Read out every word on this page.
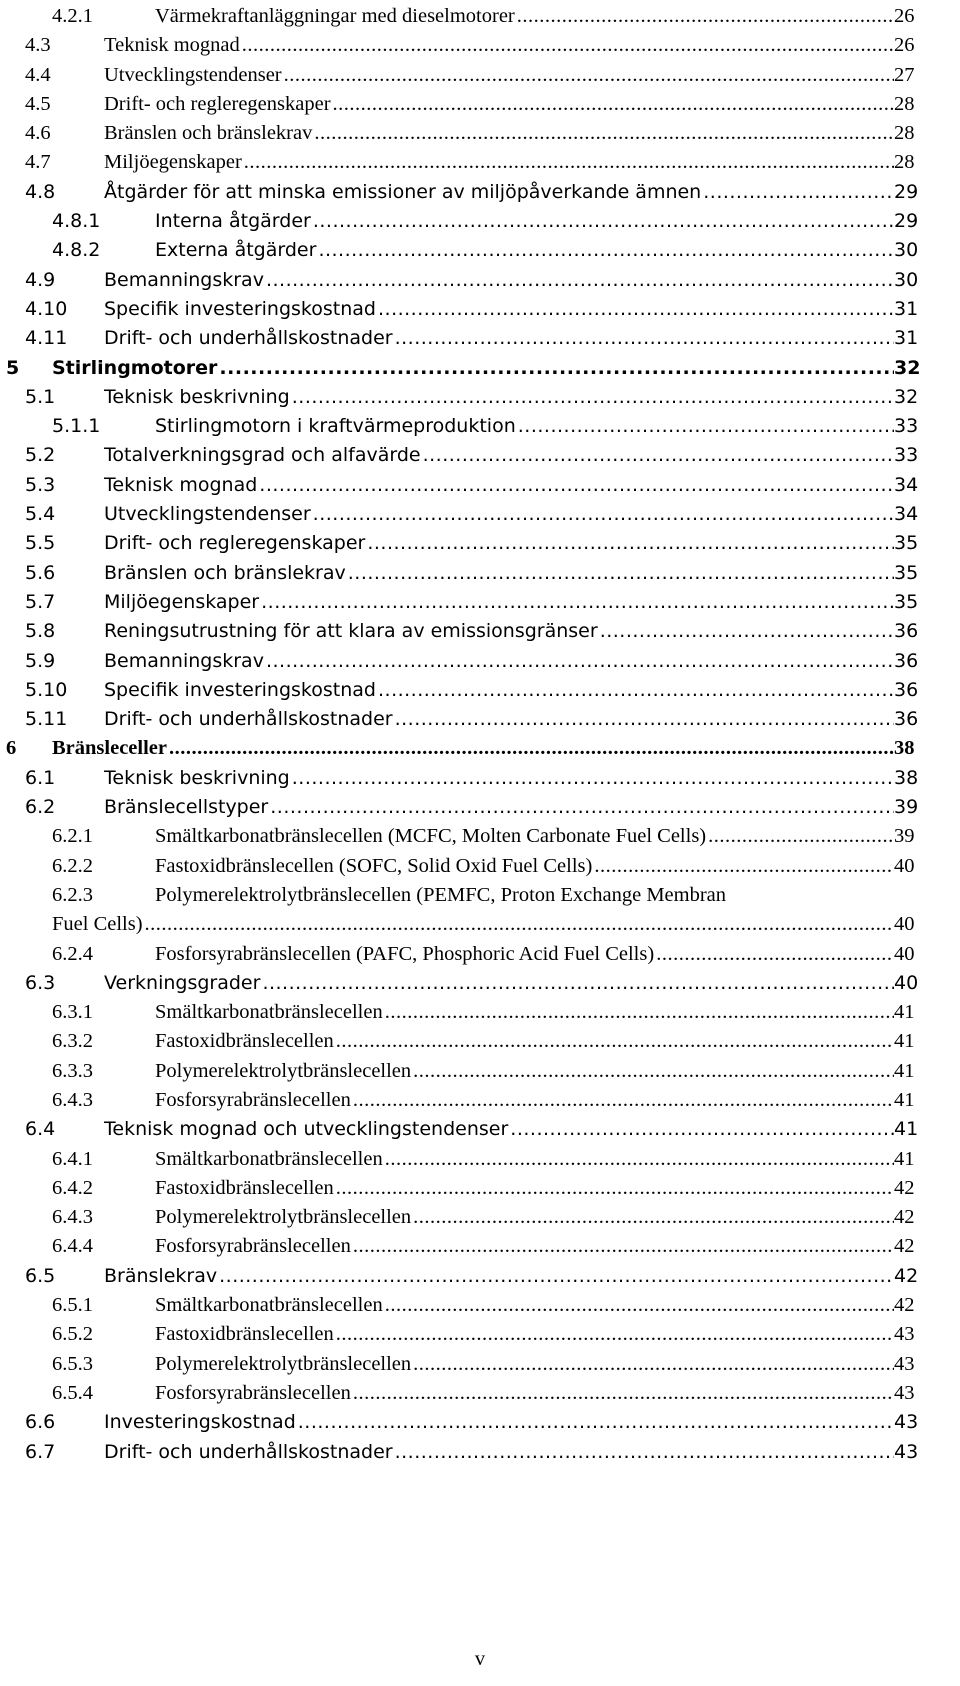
4.2.1	Värmekraftanläggningar med dieselmotorer .....	26
4.3	Teknisk mognad .....	26
4.4	Utvecklingstendenser .....	27
4.5	Drift- och regleregenskaper .....	28
4.6	Bränslen och bränslekrav .....	28
4.7	Miljöegenskaper .....	28
4.8	Åtgärder för att minska emissioner av miljöpåverkande ämnen .....	29
4.8.1	Interna åtgärder .....	29
4.8.2	Externa åtgärder .....	30
4.9	Bemanningskrav .....	30
4.10 Specifik investeringskostnad .....	31
4.11 Drift- och underhållskostnader .....	31
5 Stirlingmotorer .....	32
5.1	Teknisk beskrivning .....	32
5.1.1	Stirlingmotorn i kraftvärmeproduktion .....	33
5.2	Totalverkningsgrad och alfavärde .....	33
5.3	Teknisk mognad .....	34
5.4	Utvecklingstendenser .....	34
5.5	Drift- och regleregenskaper .....	35
5.6	Bränslen och bränslekrav .....	35
5.7	Miljöegenskaper .....	35
5.8	Reningsutrustning för att klara av emissionsgränser .....	36
5.9	Bemanningskrav .....	36
5.10 Specifik investeringskostnad .....	36
5.11 Drift- och underhållskostnader .....	36
6 Bränsleceller .....	38
6.1	Teknisk beskrivning .....	38
6.2	Bränslecellstyper .....	39
6.2.1	Smältkarbonatbränslecellen (MCFC, Molten Carbonate Fuel Cells) .....	39
6.2.2	Fastoxidbränslecellen (SOFC, Solid Oxid Fuel Cells) .....	40
6.2.3	Polymerelektrolytbränslecellen (PEMFC, Proton Exchange Membran
Fuel Cells) .....	40
6.2.4	Fosforsyrabränslecellen (PAFC, Phosphoric Acid Fuel Cells) .....	40
6.3	Verkningsgrader .....	40
6.3.1	Smältkarbonatbränslecellen .....	41
6.3.2	Fastoxidbränslecellen .....	41
6.3.3	Polymerelektrolytbränslecellen .....	41
6.4.3	Fosforsyrabränslecellen .....	41
6.4	Teknisk mognad och utvecklingstendenser .....	41
6.4.1	Smältkarbonatbränslecellen .....	41
6.4.2	Fastoxidbränslecellen .....	42
6.4.3	Polymerelektrolytbränslecellen .....	42
6.4.4	Fosforsyrabränslecellen .....	42
6.5	Bränslekrav .....	42
6.5.1	Smältkarbonatbränslecellen .....	42
6.5.2	Fastoxidbränslecellen .....	43
6.5.3	Polymerelektrolytbränslecellen .....	43
6.5.4	Fosforsyrabränslecellen .....	43
6.6	Investeringskostnad .....	43
6.7	Drift- och underhållskostnader .....	43
v
